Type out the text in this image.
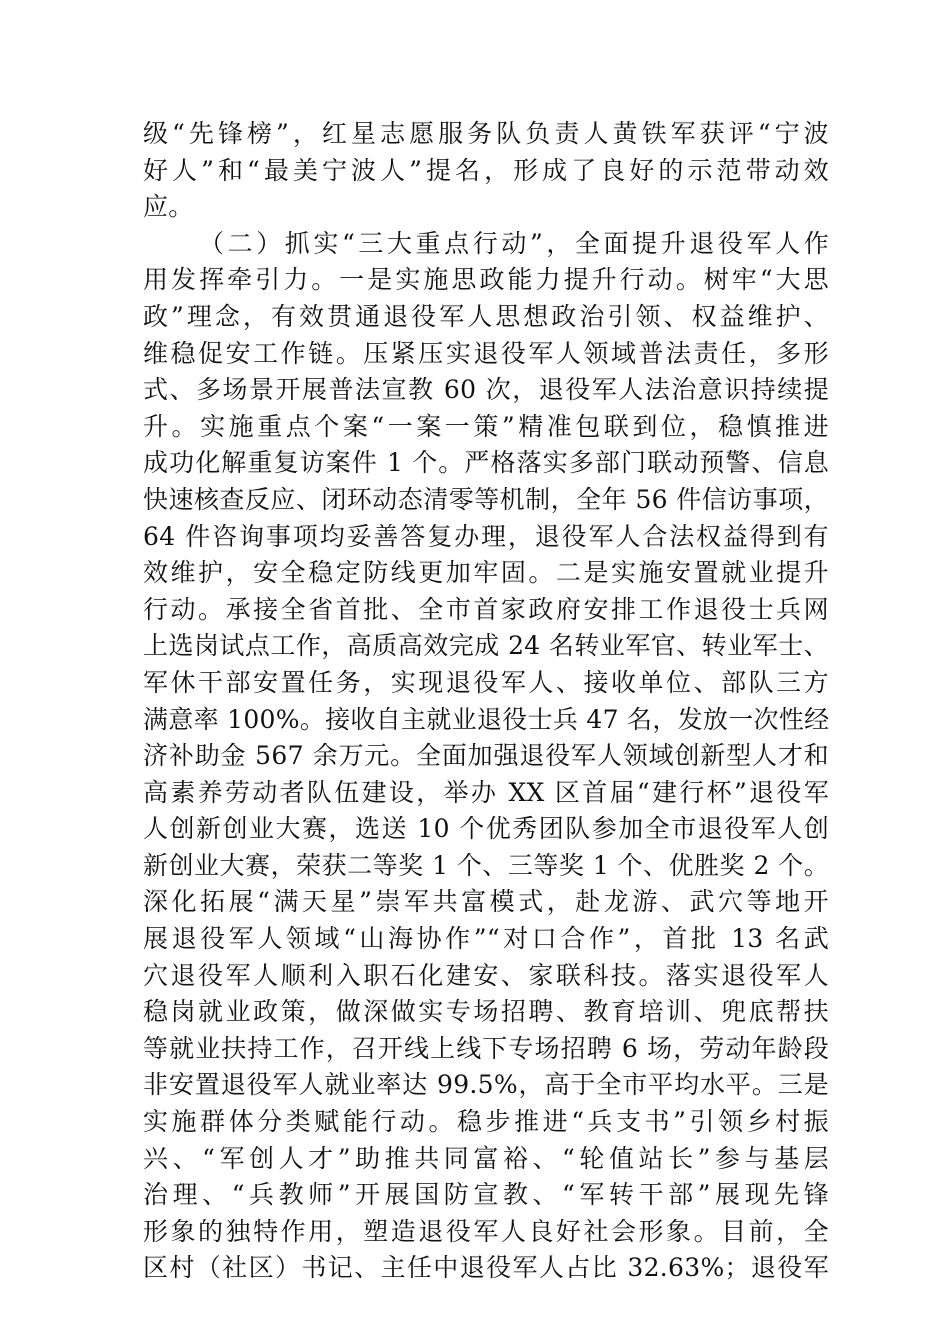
级“先锋榜”，红星志愿服务队负责人黄铁军获评“宁波
好人”和“最美宁波人”提名，形成了良好的示范带动效
应。
（二）抓实“三大重点行动”，全面提升退役军人作
用发挥牵引力。一是实施思政能力提升行动。树牢“大思
政”理念，有效贯通退役军人思想政治引领、权益维护、
维稳促安工作链。压紧压实退役军人领域普法责任，多形
式、多场景开展普法宣教 60 次，退役军人法治意识持续提
升。实施重点个案“一案一策”精准包联到位，稳慎推进
成功化解重复访案件 1 个。严格落实多部门联动预警、信息
快速核查反应、闭环动态清零等机制，全年 56 件信访事项，
64 件咨询事项均妥善答复办理，退役军人合法权益得到有
效维护，安全稳定防线更加牢固。二是实施安置就业提升
行动。承接全省首批、全市首家政府安排工作退役士兵网
上选岗试点工作，高质高效完成 24 名转业军官、转业军士、
军休干部安置任务，实现退役军人、接收单位、部队三方
满意率 100%。接收自主就业退役士兵 47 名，发放一次性经
济补助金 567 余万元。全面加强退役军人领域创新型人才和
高素养劳动者队伍建设，举办 XX 区首届“建行杯”退役军
人创新创业大赛，选送 10 个优秀团队参加全市退役军人创
新创业大赛，荣获二等奖 1 个、三等奖 1 个、优胜奖 2 个。
深化拓展“满天星”崇军共富模式，赴龙游、武穴等地开
展退役军人领域“山海协作”“对口合作”，首批 13 名武
穴退役军人顺利入职石化建安、家联科技。落实退役军人
稳岗就业政策，做深做实专场招聘、教育培训、兜底帮扶
等就业扶持工作，召开线上线下专场招聘 6 场，劳动年龄段
非安置退役军人就业率达 99.5%，高于全市平均水平。三是
实施群体分类赋能行动。稳步推进“兵支书”引领乡村振
兴、“军创人才”助推共同富裕、“轮值站长”参与基层
治理、“兵教师”开展国防宣教、“军转干部”展现先锋
形象的独特作用，塑造退役军人良好社会形象。目前，全
区村（社区）书记、主任中退役军人占比 32.63%；退役军
